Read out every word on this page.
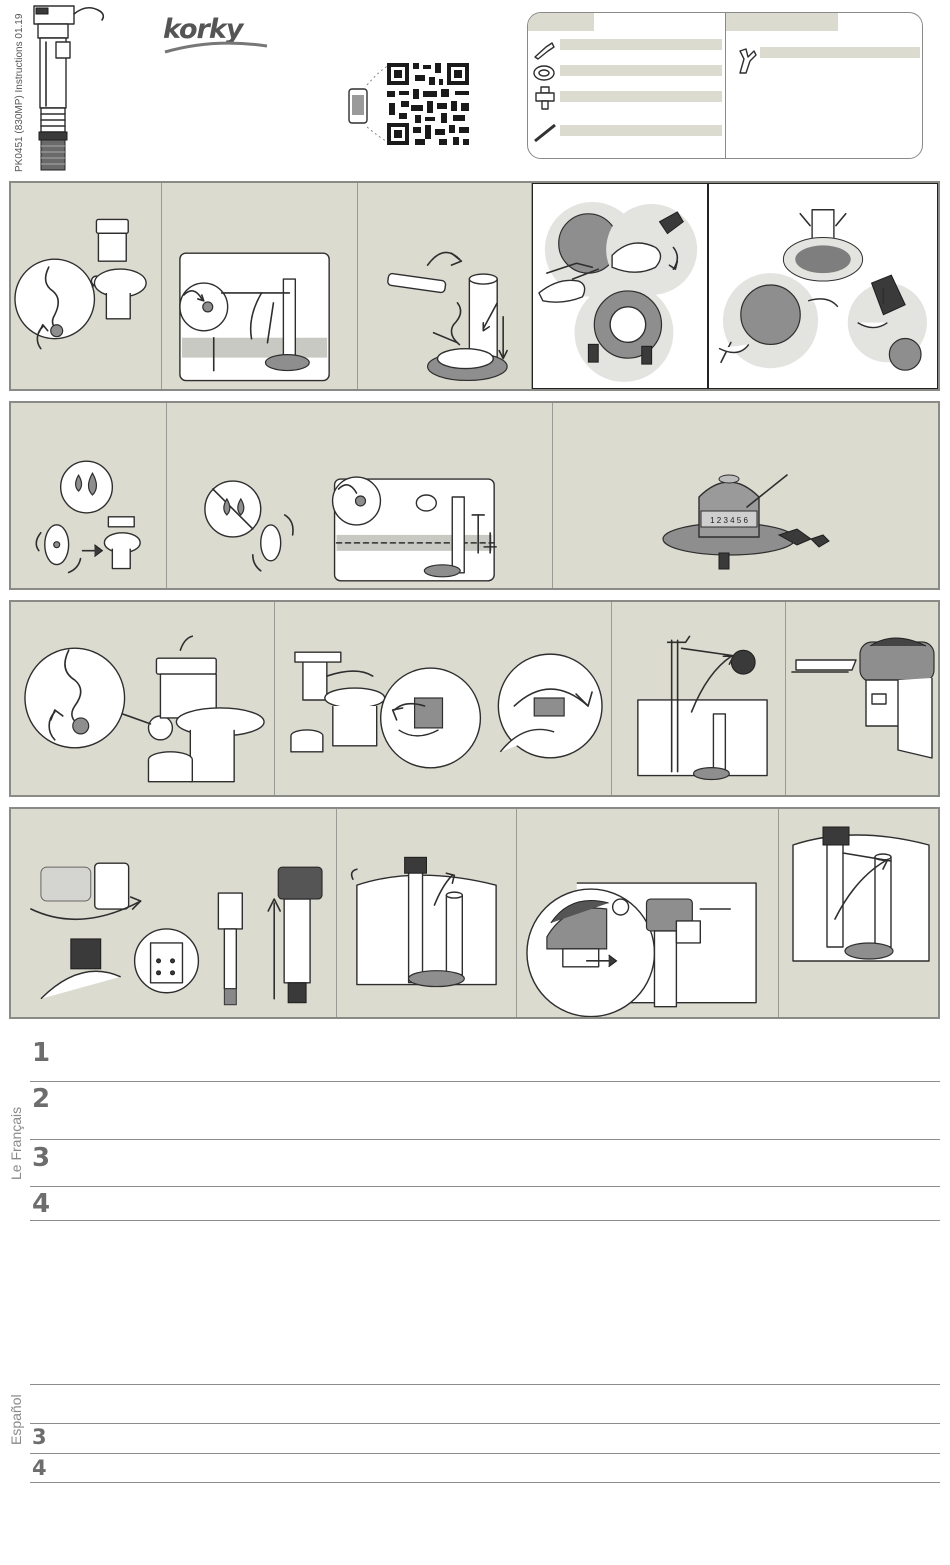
PK0451 (830MP) Instructions 01.19	korky
1 2 3 4 5 6
Le Français
1
2
3
4
Español 3
4
